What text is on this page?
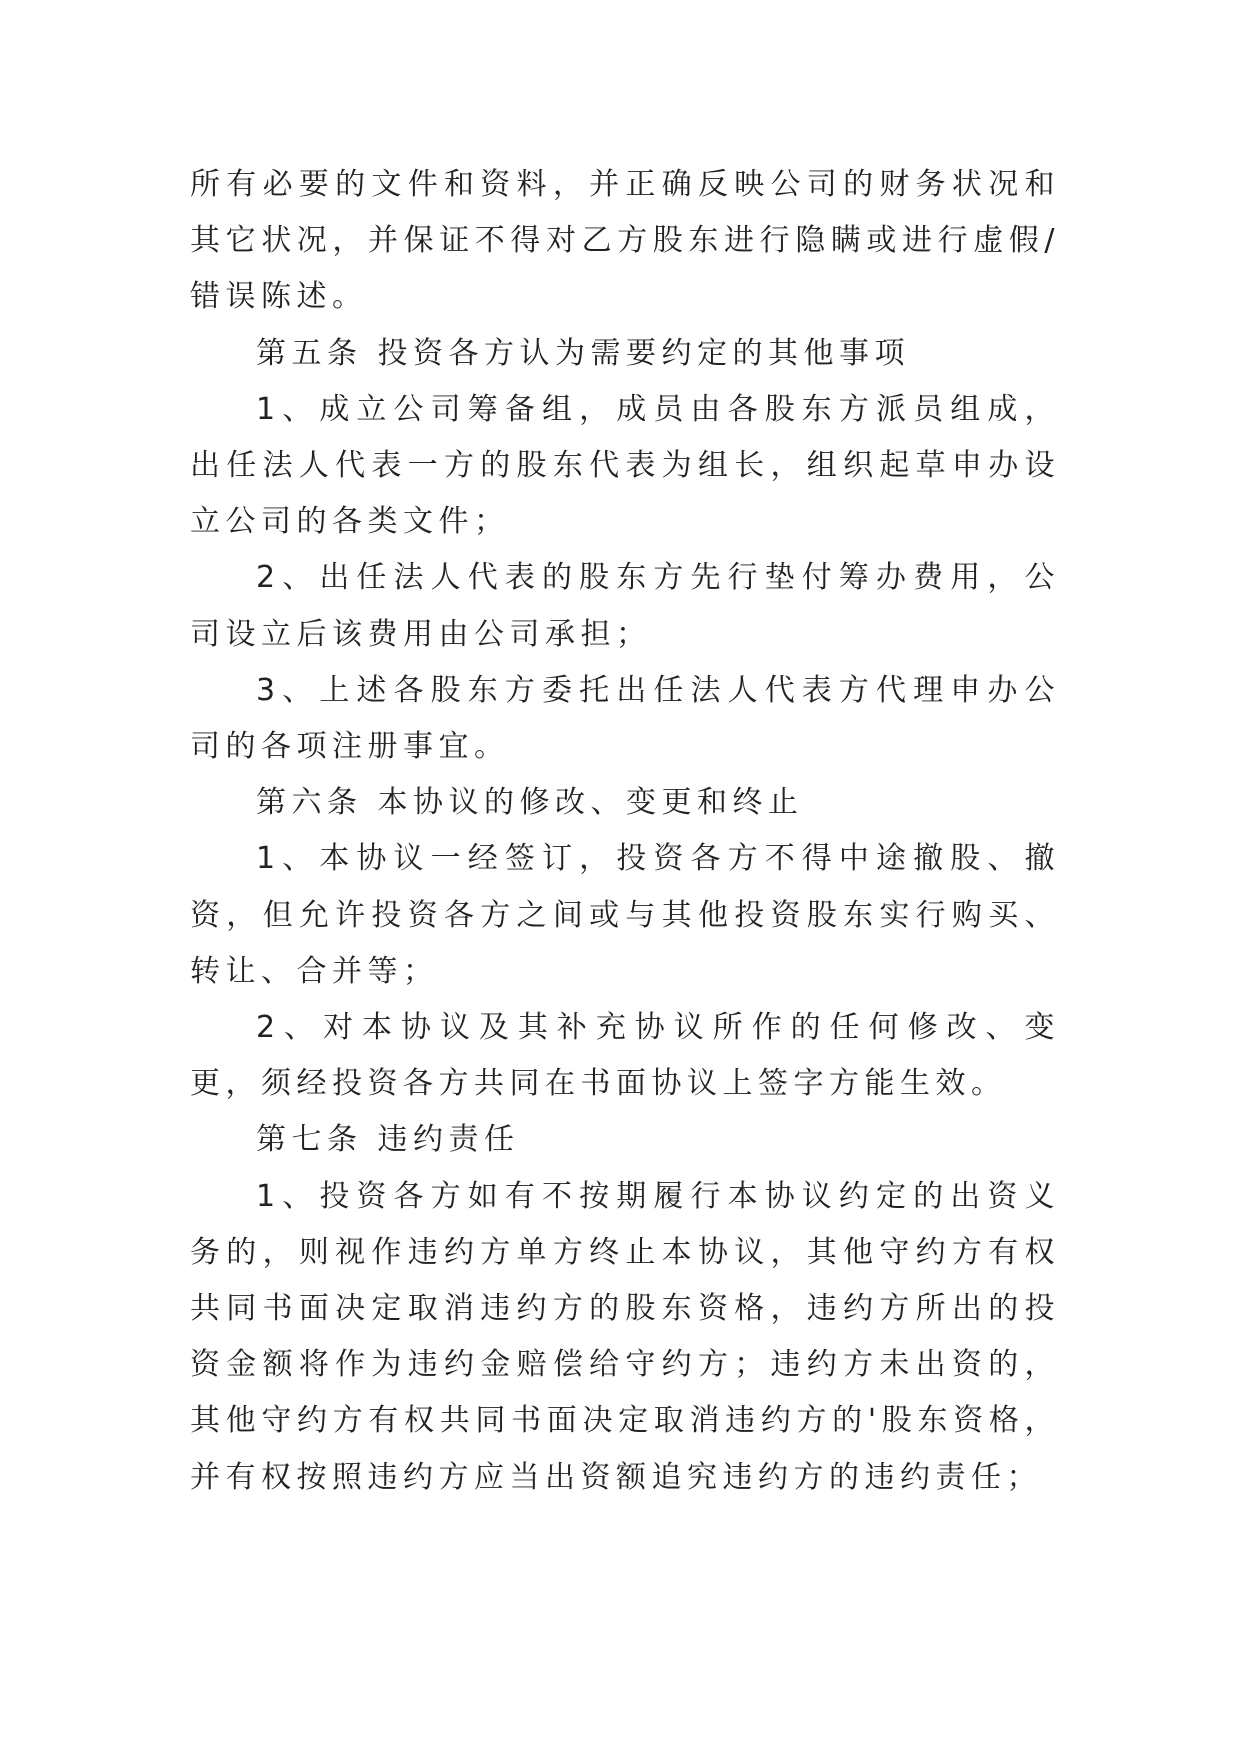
所有必要的文件和资料，并正确反映公司的财务状况和其它状况，并保证不得对乙方股东进行隐瞒或进行虚假/错误陈述。

第五条 投资各方认为需要约定的其他事项

1、成立公司筹备组，成员由各股东方派员组成，出任法人代表一方的股东代表为组长，组织起草申办设立公司的各类文件；

2、出任法人代表的股东方先行垫付筹办费用，公司设立后该费用由公司承担；

3、上述各股东方委托出任法人代表方代理申办公司的各项注册事宜。

第六条 本协议的修改、变更和终止

1、本协议一经签订，投资各方不得中途撤股、撤资，但允许投资各方之间或与其他投资股东实行购买、转让、合并等；

2、对本协议及其补充协议所作的任何修改、变更，须经投资各方共同在书面协议上签字方能生效。

第七条 违约责任

1、投资各方如有不按期履行本协议约定的出资义务的，则视作违约方单方终止本协议，其他守约方有权共同书面决定取消违约方的股东资格，违约方所出的投资金额将作为违约金赔偿给守约方；违约方未出资的，其他守约方有权共同书面决定取消违约方的'股东资格，并有权按照违约方应当出资额追究违约方的违约责任；
